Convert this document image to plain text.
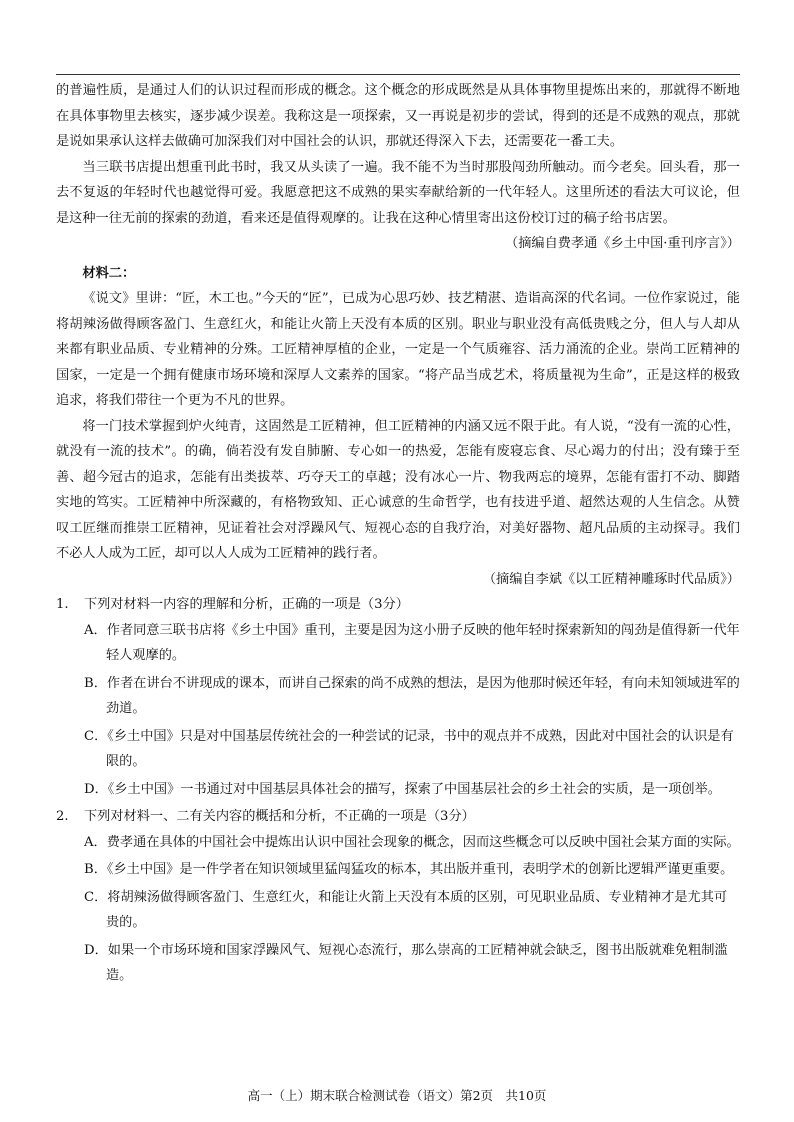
的普遍性质，是通过人们的认识过程而形成的概念。这个概念的形成既然是从具体事物里提炼出来的，那就得不断地在具体事物里去核实，逐步减少误差。我称这是一项探索，又一再说是初步的尝试，得到的还是不成熟的观点，那就是说如果承认这样去做确可加深我们对中国社会的认识，那就还得深入下去，还需要花一番工夫。

当三联书店提出想重刊此书时，我又从头读了一遍。我不能不为当时那股闯劲所触动。而今老矣。回头看，那一去不复返的年轻时代也越觉得可爱。我愿意把这不成熟的果实奉献给新的一代年轻人。这里所述的看法大可议论，但是这种一往无前的探索的劲道，看来还是值得观摩的。让我在这种心情里寄出这份校订过的稿子给书店罢。

（摘编自费孝通《乡土中国·重刊序言》）

材料二：

《说文》里讲：“匠，木工也。”今天的“匠”，已成为心思巧妙、技艺精湛、造诣高深的代名词。一位作家说过，能将胡辣汤做得顾客盈门、生意红火，和能让火箭上天没有本质的区别。职业与职业没有高低贵贱之分，但人与人却从来都有职业品质、专业精神的分殊。工匠精神厚植的企业，一定是一个气质雍容、活力涌流的企业。崇尚工匠精神的国家，一定是一个拥有健康市场环境和深厚人文素养的国家。“将产品当成艺术，将质量视为生命”，正是这样的极致追求，将我们带往一个更为不凡的世界。

将一门技术掌握到炉火纯青，这固然是工匠精神，但工匠精神的内涵又远不限于此。有人说，“没有一流的心性，就没有一流的技术”。的确，倘若没有发自肺腑、专心如一的热爱，怎能有废寝忘食、尽心竭力的付出；没有臻于至善、超今冠古的追求，怎能有出类拔萃、巧夺天工的卓越；没有冰心一片、物我两忘的境界，怎能有雷打不动、脚踏实地的笃实。工匠精神中所深藏的，有格物致知、正心诚意的生命哲学，也有技进乎道、超然达观的人生信念。从赞叹工匠继而推崇工匠精神，见证着社会对浮躁风气、短视心态的自我疗治，对美好器物、超凡品质的主动探寻。我们不必人人成为工匠，却可以人人成为工匠精神的践行者。

（摘编自李斌《以工匠精神雕琢时代品质》）

1. 下列对材料一内容的理解和分析，正确的一项是（3分）

A．作者同意三联书店将《乡土中国》重刊，主要是因为这小册子反映的他年轻时探索新知的闯劲是值得新一代年轻人观摩的。

B．作者在讲台不讲现成的课本，而讲自己探索的尚不成熟的想法，是因为他那时候还年轻，有向未知领域进军的劲道。

C．《乡土中国》只是对中国基层传统社会的一种尝试的记录，书中的观点并不成熟，因此对中国社会的认识是有限的。

D．《乡土中国》一书通过对中国基层具体社会的描写，探索了中国基层社会的乡土社会的实质，是一项创举。

2. 下列对材料一、二有关内容的概括和分析，不正确的一项是（3分）

A．费孝通在具体的中国社会中提炼出认识中国社会现象的概念，因而这些概念可以反映中国社会某方面的实际。

B．《乡土中国》是一件学者在知识领域里猛闯猛攻的标本，其出版并重刊，表明学术的创新比逻辑严谨更重要。

C．将胡辣汤做得顾客盈门、生意红火，和能让火箭上天没有本质的区别，可见职业品质、专业精神才是尤其可贵的。

D．如果一个市场环境和国家浮躁风气、短视心态流行，那么崇高的工匠精神就会缺乏，图书出版就难免粗制滥造。

高一（上）期末联合检测试卷（语文）第2页　共10页
